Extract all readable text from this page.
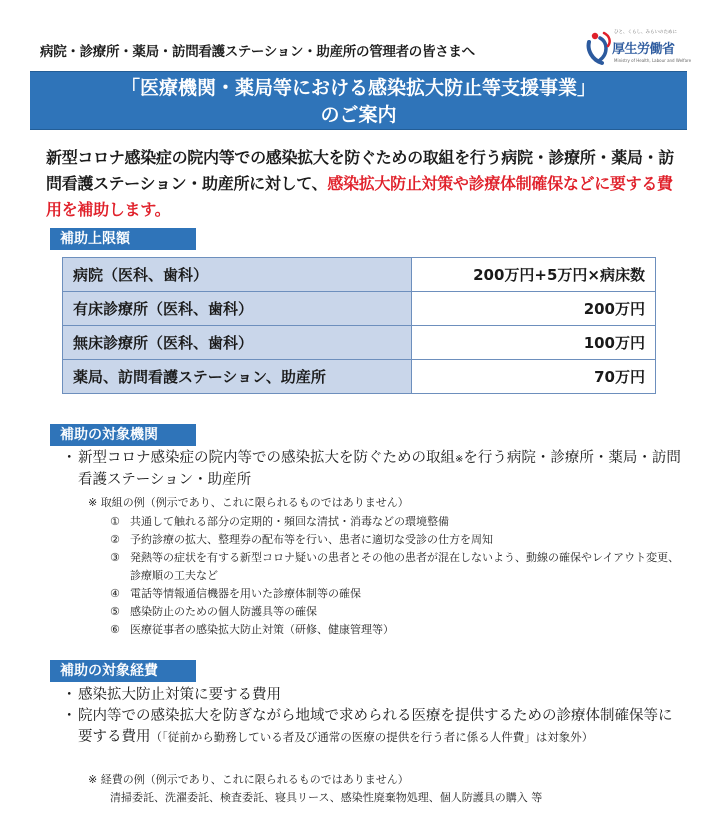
病院・診療所・薬局・訪問看護ステーション・助産所の管理者の皆さまへ
ひと、くらし、みらいのために
厚生労働省
Ministry of Health, Labour and Welfare
「医療機関・薬局等における感染拡大防止等支援事業」
のご案内
新型コロナ感染症の院内等での感染拡大を防ぐための取組を行う病院・診療所・薬局・訪問看護ステーション・助産所に対して、感染拡大防止対策や診療体制確保などに要する費用を補助します。
補助上限額
病院（医科、歯科）	200万円+5万円×病床数
有床診療所（医科、歯科）	200万円
無床診療所（医科、歯科）	100万円
薬局、訪問看護ステーション、助産所	70万円
補助の対象機関
・ 新型コロナ感染症の院内等での感染拡大を防ぐための取組※を行う病院・診療所・薬局・訪問看護ステーション・助産所
※ 取組の例（例示であり、これに限られるものではありません）
① 共通して触れる部分の定期的・頻回な清拭・消毒などの環境整備
② 予約診療の拡大、整理券の配布等を行い、患者に適切な受診の仕方を周知
③ 発熱等の症状を有する新型コロナ疑いの患者とその他の患者が混在しないよう、動線の確保やレイアウト変更、診療順の工夫など
④ 電話等情報通信機器を用いた診療体制等の確保
⑤ 感染防止のための個人防護具等の確保
⑥ 医療従事者の感染拡大防止対策（研修、健康管理等）
補助の対象経費
・ 感染拡大防止対策に要する費用
・ 院内等での感染拡大を防ぎながら地域で求められる医療を提供するための診療体制確保等に要する費用（「従前から勤務している者及び通常の医療の提供を行う者に係る人件費」は対象外）
※ 経費の例（例示であり、これに限られるものではありません）
清掃委託、洗濯委託、検査委託、寝具リース、感染性廃棄物処理、個人防護具の購入 等
